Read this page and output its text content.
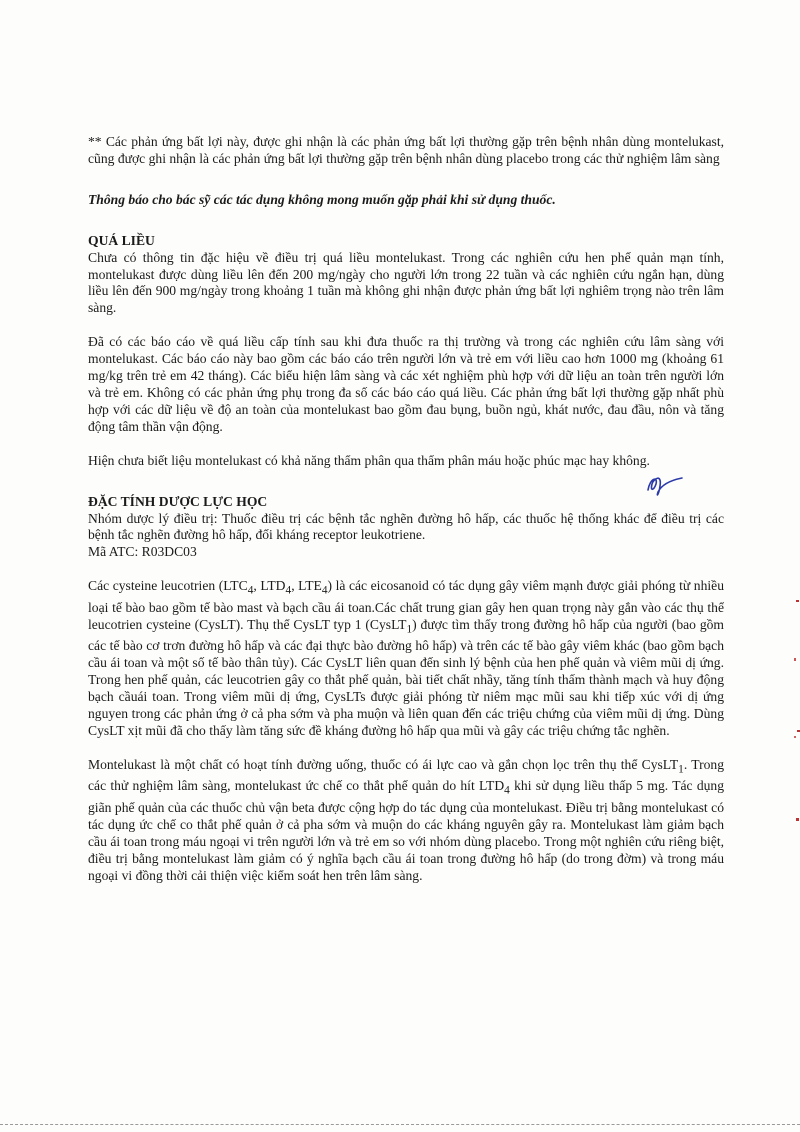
** Các phản ứng bất lợi này, được ghi nhận là các phản ứng bất lợi thường gặp trên bệnh nhân dùng montelukast, cũng được ghi nhận là các phản ứng bất lợi thường gặp trên bệnh nhân dùng placebo trong các thử nghiệm lâm sàng

Thông báo cho bác sỹ các tác dụng không mong muốn gặp phải khi sử dụng thuốc.

QUÁ LIỀU

Chưa có thông tin đặc hiệu về điều trị quá liều montelukast. Trong các nghiên cứu hen phế quản mạn tính, montelukast được dùng liều lên đến 200 mg/ngày cho người lớn trong 22 tuần và các nghiên cứu ngắn hạn, dùng liều lên đến 900 mg/ngày trong khoảng 1 tuần mà không ghi nhận được phản ứng bất lợi nghiêm trọng nào trên lâm sàng.

Đã có các báo cáo về quá liều cấp tính sau khi đưa thuốc ra thị trường và trong các nghiên cứu lâm sàng với montelukast. Các báo cáo này bao gồm các báo cáo trên người lớn và trẻ em với liều cao hơn 1000 mg (khoảng 61 mg/kg trên trẻ em 42 tháng). Các biểu hiện lâm sàng và các xét nghiệm phù hợp với dữ liệu an toàn trên người lớn và trẻ em. Không có các phản ứng phụ trong đa số các báo cáo quá liều. Các phản ứng bất lợi thường gặp nhất phù hợp với các dữ liệu về độ an toàn của montelukast bao gồm đau bụng, buồn ngủ, khát nước, đau đầu, nôn và tăng động tâm thần vận động.

Hiện chưa biết liệu montelukast có khả năng thẩm phân qua thẩm phân máu hoặc phúc mạc hay không.

ĐẶC TÍNH DƯỢC LỰC HỌC

Nhóm dược lý điều trị: Thuốc điều trị các bệnh tắc nghẽn đường hô hấp, các thuốc hệ thống khác để điều trị các bệnh tắc nghẽn đường hô hấp, đối kháng receptor leukotriene.

Mã ATC: R03DC03

Các cysteine leucotrien ($LTC_4$, $LTD_4$, $LTE_4$) là các eicosanoid có tác dụng gây viêm mạnh được giải phóng từ nhiều loại tế bào bao gồm tế bào mast và bạch cầu ái toan.Các chất trung gian gây hen quan trọng này gắn vào các thụ thể leucotrien cysteine (CysLT). Thụ thể CysLT typ 1 (CysLT$_1$) được tìm thấy trong đường hô hấp của người (bao gồm các tế bào cơ trơn đường hô hấp và các đại thực bào đường hô hấp) và trên các tế bào gây viêm khác (bao gồm bạch cầu ái toan và một số tế bào thân tủy). Các CysLT liên quan đến sinh lý bệnh của hen phế quản và viêm mũi dị ứng. Trong hen phế quản, các leucotrien gây co thắt phế quản, bài tiết chất nhầy, tăng tính thấm thành mạch và huy động bạch cầuái toan. Trong viêm mũi dị ứng, CysLTs được giải phóng từ niêm mạc mũi sau khi tiếp xúc với dị ứng nguyen trong các phản ứng ở cả pha sớm và pha muộn và liên quan đến các triệu chứng của viêm mũi dị ứng. Dùng CysLT xịt mũi đã cho thấy làm tăng sức đề kháng đường hô hấp qua mũi và gây các triệu chứng tắc nghẽn.

Montelukast là một chất có hoạt tính đường uống, thuốc có ái lực cao và gắn chọn lọc trên thụ thể CysLT$_1$. Trong các thử nghiệm lâm sàng, montelukast ức chế co thắt phế quản do hít $LTD_4$ khi sử dụng liều thấp 5 mg. Tác dụng giãn phế quản của các thuốc chủ vận beta được cộng hợp do tác dụng của montelukast. Điều trị bằng montelukast có tác dụng ức chế co thắt phế quản ở cả pha sớm và muộn do các kháng nguyên gây ra. Montelukast làm giảm bạch cầu ái toan trong máu ngoại vi trên người lớn và trẻ em so với nhóm dùng placebo. Trong một nghiên cứu riêng biệt, điều trị bằng montelukast làm giảm có ý nghĩa bạch cầu ái toan trong đường hô hấp (do trong đờm) và trong máu ngoại vi đồng thời cải thiện việc kiểm soát hen trên lâm sàng.
